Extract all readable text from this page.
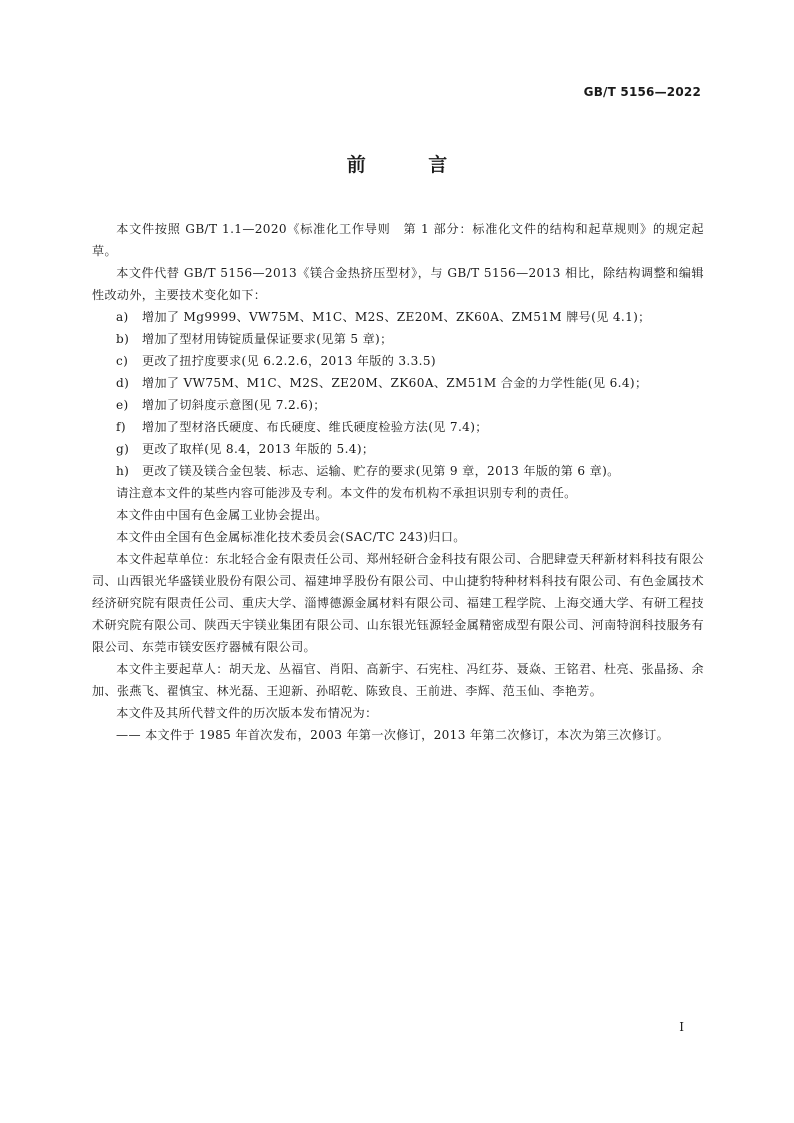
GB/T 5156—2022
前 言

本文件按照 GB/T 1.1—2020《标准化工作导则　第 1 部分：标准化文件的结构和起草规则》的规定起草。

本文件代替 GB/T 5156—2013《镁合金热挤压型材》，与 GB/T 5156—2013 相比，除结构调整和编辑性改动外，主要技术变化如下：

a)	增加了 Mg9999、VW75M、M1C、M2S、ZE20M、ZK60A、ZM51M 牌号(见 4.1)；
b)	增加了型材用铸锭质量保证要求(见第 5 章)；
c)	更改了扭拧度要求(见 6.2.2.6，2013 年版的 3.3.5)
d)	增加了 VW75M、M1C、M2S、ZE20M、ZK60A、ZM51M 合金的力学性能(见 6.4)；
e)	增加了切斜度示意图(见 7.2.6)；
f)	增加了型材洛氏硬度、布氏硬度、维氏硬度检验方法(见 7.4)；
g)	更改了取样(见 8.4，2013 年版的 5.4)；
h)	更改了镁及镁合金包装、标志、运输、贮存的要求(见第 9 章，2013 年版的第 6 章)。

请注意本文件的某些内容可能涉及专利。本文件的发布机构不承担识别专利的责任。

本文件由中国有色金属工业协会提出。

本文件由全国有色金属标准化技术委员会(SAC/TC 243)归口。

本文件起草单位：东北轻合金有限责任公司、郑州轻研合金科技有限公司、合肥肆壹天秤新材料科技有限公司、山西银光华盛镁业股份有限公司、福建坤孚股份有限公司、中山捷豹特种材料科技有限公司、有色金属技术经济研究院有限责任公司、重庆大学、淄博德源金属材料有限公司、福建工程学院、上海交通大学、有研工程技术研究院有限公司、陕西天宇镁业集团有限公司、山东银光钰源轻金属精密成型有限公司、河南特润科技服务有限公司、东莞市镁安医疗器械有限公司。

本文件主要起草人：胡天龙、丛福官、肖阳、高新宇、石宪柱、冯红芬、聂焱、王铭君、杜亮、张晶扬、余加、张燕飞、翟慎宝、林光磊、王迎新、孙昭乾、陈致良、王前进、李辉、范玉仙、李艳芳。

本文件及其所代替文件的历次版本发布情况为：

—— 本文件于 1985 年首次发布，2003 年第一次修订，2013 年第二次修订，本次为第三次修订。

I
